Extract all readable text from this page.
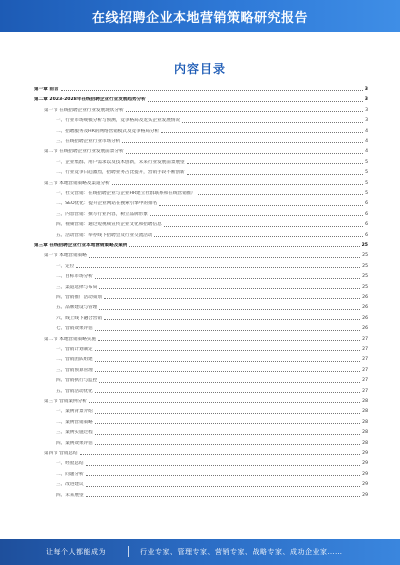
在线招聘企业本地营销策略研究报告
内容目录
第一章 前言	3
第二章 2023-2028年在线招聘企业行业发展趋势分析	3
第一节 在线招聘企业行业发展现状分析	3
一、行业市场规模分析与预测，竞争格局及龙头企业发展情况	3
二、招聘服务及HR的网络营销模式及竞争格局分析	4
三、在线招聘企业行业市场分析	4
第二节 在线招聘企业行业发展前景分析	4
一、企业集群、用户需求以及技术创新，未来行业发展前景展望	5
二、行业竞争日趋激烈，招聘业务占比提升，营销手段不断创新	5
第三节 本地营销策略及渠道分析	5
一、社交营销：在线招聘企业与企业HR建立社群联系和在线营销推广	5
二、SEO优化：提升企业网站在搜索引擎中的排名	6
三、内容营销：撰写行业内容，树立品牌形象	6
四、视频营销：通过短视频宣传企业文化和招聘信息	6
五、活动营销：举办线下招聘会及行业交流活动	6
第三章 在线招聘企业行业本地营销策略及案例	25
第一节 本地营销策略	25
一、定位	25
二、目标市场分析	25
三、渠道选择与布局	25
四、营销推广活动策划	26
五、品牌建设与管理	26
六、线上线下融合营销	26
七、营销效果评估	26
第二节 本地营销策略实施	27
一、营销计划制定	27
二、营销团队组建	27
三、营销预算管理	27
四、营销执行与监控	27
五、营销活动优化	27
第三节 营销案例分析	28
一、案例背景介绍	28
二、案例营销策略	28
三、案例实施过程	28
四、案例效果评估	28
第四节 营销总结	29
一、经验总结	29
二、问题分析	29
三、改进建议	29
四、未来展望	29
让每个人都能成为	行业专家、管理专家、营销专家、战略专家、成功企业家……
